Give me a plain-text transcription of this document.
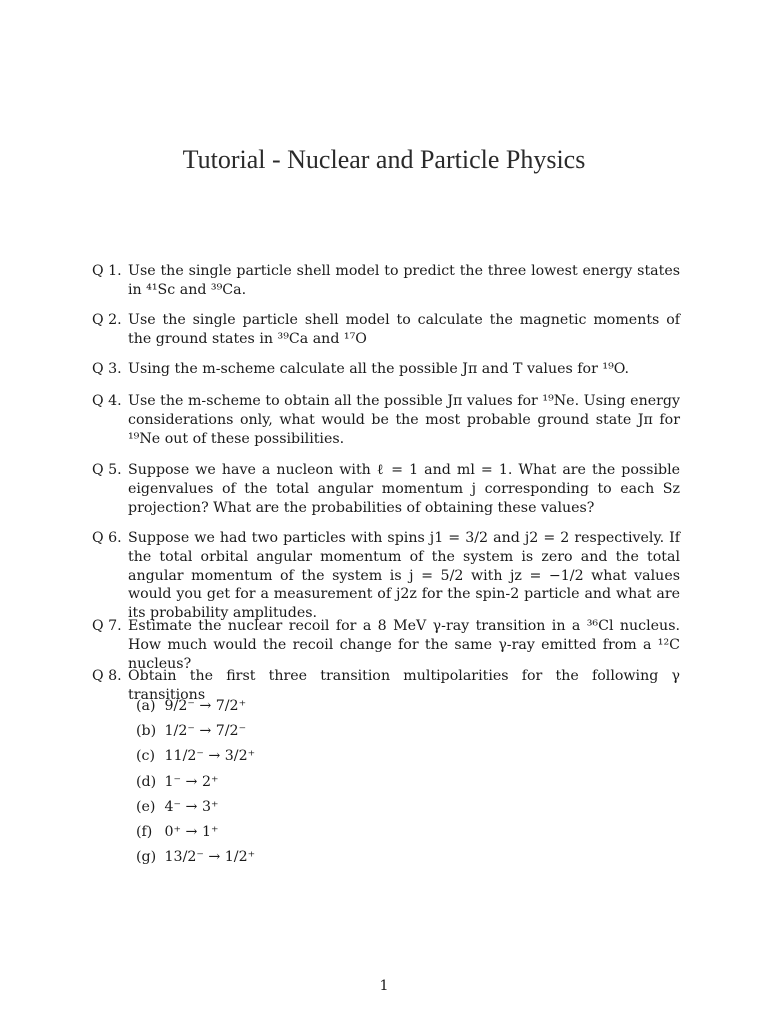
Tutorial - Nuclear and Particle Physics
Q 1. Use the single particle shell model to predict the three lowest energy states in ⁴¹Sc and ³⁹Ca.
Q 2. Use the single particle shell model to calculate the magnetic moments of the ground states in ³⁹Ca and ¹⁷O
Q 3. Using the m-scheme calculate all the possible Jπ and T values for ¹⁹O.
Q 4. Use the m-scheme to obtain all the possible Jπ values for ¹⁹Ne. Using energy considerations only, what would be the most probable ground state Jπ for ¹⁹Ne out of these possibilities.
Q 5. Suppose we have a nucleon with ℓ = 1 and ml = 1. What are the possible eigenvalues of the total angular momentum j corresponding to each Sz projection? What are the probabilities of obtaining these values?
Q 6. Suppose we had two particles with spins j1 = 3/2 and j2 = 2 respectively. If the total orbital angular momentum of the system is zero and the total angular momentum of the system is j = 5/2 with jz = −1/2 what values would you get for a measurement of j2z for the spin-2 particle and what are its probability amplitudes.
Q 7. Estimate the nuclear recoil for a 8 MeV γ-ray transition in a ³⁶Cl nucleus. How much would the recoil change for the same γ-ray emitted from a ¹²C nucleus?
Q 8. Obtain the first three transition multipolarities for the following γ transitions
(a) 9/2⁻ → 7/2⁺
(b) 1/2⁻ → 7/2⁻
(c) 11/2⁻ → 3/2⁺
(d) 1⁻ → 2⁺
(e) 4⁻ → 3⁺
(f) 0⁺ → 1⁺
(g) 13/2⁻ → 1/2⁺
1
